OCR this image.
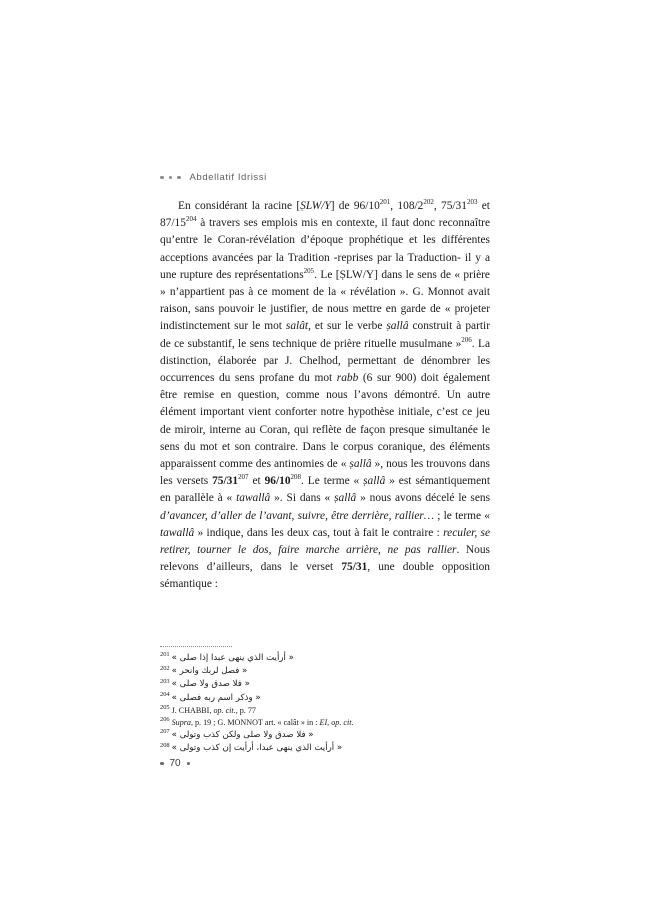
Abdellatif Idrissi

En considérant la racine [ṢLW/Y] de $96/10^{201}$, $108/2^{202}$, $75/31^{203}$ et $87/15^{204}$ à travers ses emplois mis en contexte, il faut donc reconnaître qu’entre le Coran-révélation d’époque prophétique et les différentes acceptions avancées par la Tradition -reprises par la Traduction- il y a une rupture des représentations$^{205}$. Le [ṢLW/Y] dans le sens de « prière » n’appartient pas à ce moment de la « révélation ». G. Monnot avait raison, sans pouvoir le justifier, de nous mettre en garde de « projeter indistinctement sur le mot salât, et sur le verbe ṣallâ construit à partir de ce substantif, le sens technique de prière rituelle musulmane »$^{206}$. La distinction, élaborée par J. Chelhod, permettant de dénombrer les occurrences du sens profane du mot rabb (6 sur 900) doit également être remise en question, comme nous l’avons démontré. Un autre élément important vient conforter notre hypothèse initiale, c’est ce jeu de miroir, interne au Coran, qui reflète de façon presque simultanée le sens du mot et son contraire. Dans le corpus coranique, des éléments apparaissent comme des antinomies de « ṣallâ », nous les trouvons dans les versets $75/31^{207}$ et $96/10^{208}$. Le terme « ṣallâ » est sémantiquement en parallèle à « tawallâ ». Si dans « ṣallâ » nous avons décelé le sens d’avancer, d’aller de l’avant, suivre, être derrière, rallier… ; le terme « tawallâ » indique, dans les deux cas, tout à fait le contraire : reculer, se retirer, tourner le dos, faire marche arrière, ne pas rallier. Nous relevons d’ailleurs, dans le verset 75/31, une double opposition sémantique :

$^{201}$ « أرأيت الذي ينهى عبدا إذا صلى »
$^{202}$ « فصل لربك وانحر »
$^{203}$ « فلا صدق ولا صلى »
$^{204}$ « وذكر اسم ربه فصلى »
$^{205}$ J. CHABBI, op. cit., p. 77
$^{206}$ Supra, p. 19 ; G. MONNOT art. « calât » in : EI, op. cit.
$^{207}$ « فلا صدق ولا صلى ولكن كذب وتولى »
$^{208}$ « أرأيت الذي ينهى عبدا، أرأيت إن كذب وتولى »
70
